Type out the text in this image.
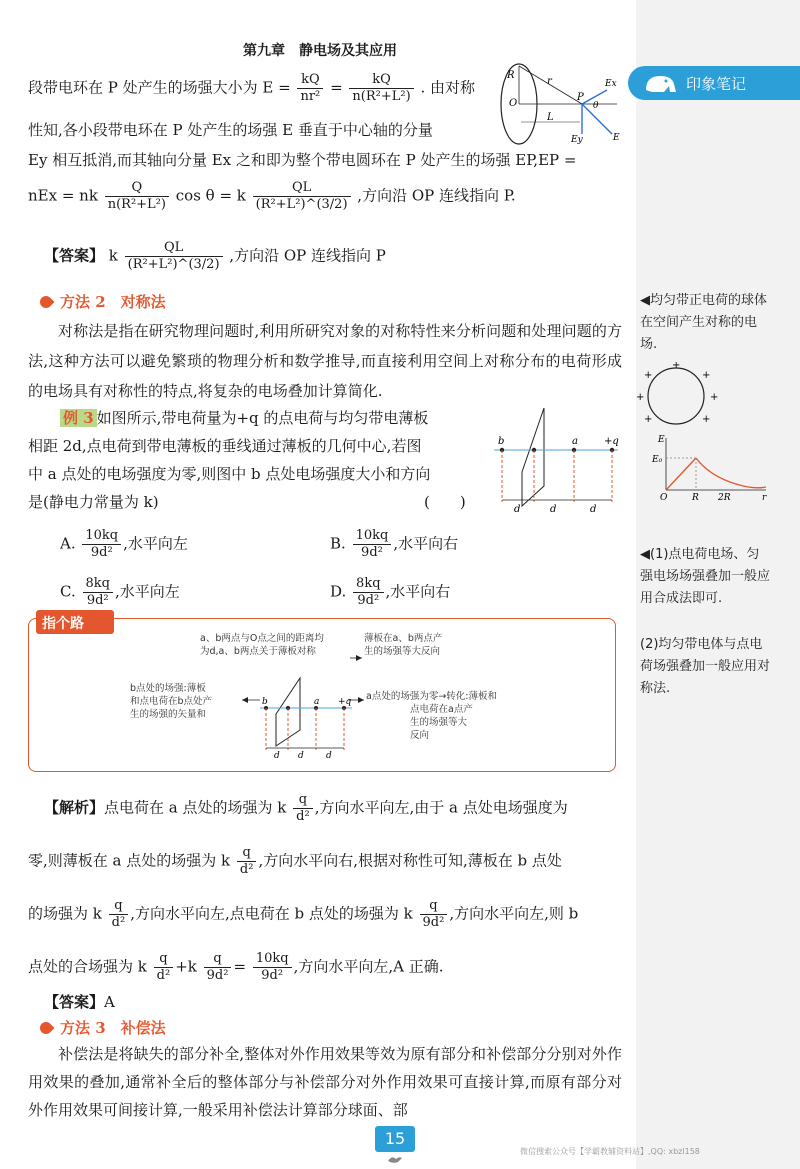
第九章　静电场及其应用
印象笔记
R
O
r
P
L
θ
Ex
Ey	E
段带电环在 P 处产生的场强大小为 $E = \frac{kQ}{\text{nr²}} = \frac{kQ}{\text{n(R²+L²)}}$ . 由对称
性知,各小段带电环在 P 处产生的场强 E 垂直于中心轴的分量
Ey 相互抵消,而其轴向分量 Ex 之和即为整个带电圆环在 P 处产生的场强 EP,EP =
nEx = nk $\frac{Q}{\text{n(R²+L²)}}$ cos θ = k $\frac{QL}{\text{(R²+L²)\textasciicircum{}(3/2)}}$ ,方向沿 OP 连线指向 P.
【答案】 k $\frac{QL}{\text{(R²+L²)\textasciicircum{}(3/2)}}$ ,方向沿 OP 连线指向 P
方法 2　对称法
对称法是指在研究物理问题时,利用所研究对象的对称特性来分析问题和处理问题的方法,这种方法可以避免繁琐的物理分析和数学推导,而直接利用空间上对称分布的电荷形成的电场具有对称性的特点,将复杂的电场叠加计算简化.
例 3 如图所示,带电荷量为+q 的点电荷与均匀带电薄板
相距 2d,点电荷到带电薄板的垂线通过薄板的几何中心,若图
中 a 点处的电场强度为零,则图中 b 点处电场强度大小和方向
是(静电力常量为 k)	(　　)
b	a	+q
d	d	d
A. $\frac{10kq}{\text{9d²}}$ ,水平向左	B. $\frac{10kq}{\text{9d²}}$ ,水平向右
C. $\frac{8kq}{\text{9d²}}$ ,水平向左	D. $\frac{8kq}{\text{9d²}}$ ,水平向右
指个路
a、b两点与O点之间的距离均
为d,a、b两点关于薄板对称
薄板在a、b两点产
生的场强等大反向
b点处的场强:薄板
和点电荷在b点处产
生的场强的矢量和
a点处的场强为零→转化:薄板和
点电荷在a点产
生的场强等大
反向
b	a +q
d d d
【解析】点电荷在 a 点处的场强为 k $\frac{q}{\text{d²}}$ ,方向水平向左,由于 a 点处电场强度为
零,则薄板在 a 点处的场强为 k $\frac{q}{\text{d²}}$ ,方向水平向右,根据对称性可知,薄板在 b 点处
的场强为 k $\frac{q}{\text{d²}}$ ,方向水平向左,点电荷在 b 点处的场强为 k $\frac{q}{\text{9d²}}$ ,方向水平向左,则 b
点处的合场强为 k $\frac{q}{\text{d²}} +k \frac{q}{\text{9d²}} = \frac{10kq}{\text{9d²}}$ ,方向水平向左,A 正确.
【答案】A
方法 3　补偿法
补偿法是将缺失的部分补全,整体对外作用效果等效为原有部分和补偿部分分别对外作用效果的叠加,通常补全后的整体部分与补偿部分对外作用效果可直接计算,而原有部分对外作用效果可间接计算,一般采用补偿法计算部分球面、部
◀均匀带正电荷的球体在空间产生对称的电场.
+
+	+
+	+
+	+
E
E₀
O	R 2R	r
◀(1)点电荷电场、匀强电场场强叠加一般应用合成法即可.
(2)均匀带电体与点电荷场强叠加一般应用对称法.
15
微信搜索公众号【学霸教辅资料站】,QQ: xbzl158
